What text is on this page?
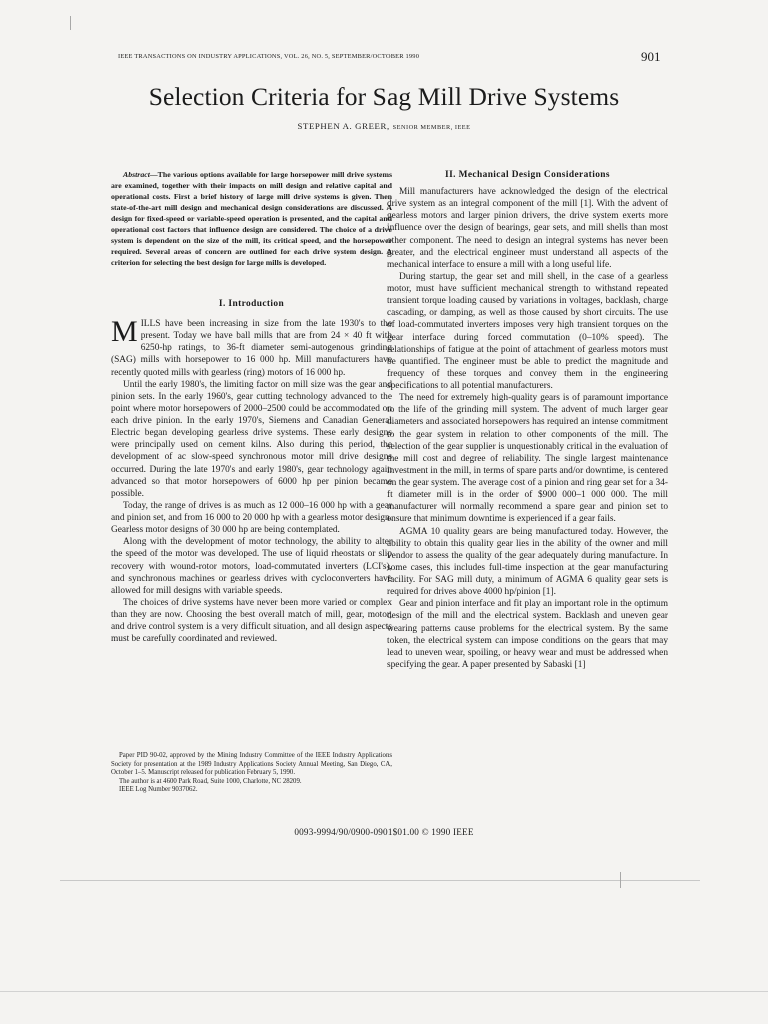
IEEE TRANSACTIONS ON INDUSTRY APPLICATIONS, VOL. 26, NO. 5, SEPTEMBER/OCTOBER 1990	901
Selection Criteria for Sag Mill Drive Systems
STEPHEN A. GREER, SENIOR MEMBER, IEEE

Abstract—The various options available for large horsepower mill drive systems are examined, together with their impacts on mill design and relative capital and operational costs. First a brief history of large mill drive systems is given. Then state-of-the-art mill design and mechanical design considerations are discussed. A design for fixed-speed or variable-speed operation is presented, and the capital and operational cost factors that influence design are considered. The choice of a drive system is dependent on the size of the mill, its critical speed, and the horsepower required. Several areas of concern are outlined for each drive system design. A criterion for selecting the best design for large mills is developed.

I. Introduction

MILLS have been increasing in size from the late 1930's to the present. Today we have ball mills that are from 24 × 40 ft with 6250-hp ratings, to 36-ft diameter semi-autogenous grinding (SAG) mills with horsepower to 16 000 hp. Mill manufacturers have recently quoted mills with gearless (ring) motors of 16 000 hp.

Until the early 1980's, the limiting factor on mill size was the gear and pinion sets. In the early 1960's, gear cutting technology advanced to the point where motor horsepowers of 2000–2500 could be accommodated on each drive pinion. In the early 1970's, Siemens and Canadian General Electric began developing gearless drive systems. These early designs were principally used on cement kilns. Also during this period, the development of ac slow-speed synchronous motor mill drive designs occurred. During the late 1970's and early 1980's, gear technology again advanced so that motor horsepowers of 6000 hp per pinion became possible.

Today, the range of drives is as much as 12 000–16 000 hp with a gear and pinion set, and from 16 000 to 20 000 hp with a gearless motor design. Gearless motor designs of 30 000 hp are being contemplated.

Along with the development of motor technology, the ability to alter the speed of the motor was developed. The use of liquid rheostats or slip recovery with wound-rotor motors, load-commutated inverters (LCI's), and synchronous machines or gearless drives with cycloconverters have allowed for mill designs with variable speeds.

The choices of drive systems have never been more varied or complex than they are now. Choosing the best overall match of mill, gear, motor, and drive control system is a very difficult situation, and all design aspects must be carefully coordinated and reviewed.

Paper PID 90-02, approved by the Mining Industry Committee of the IEEE Industry Applications Society for presentation at the 1989 Industry Applications Society Annual Meeting, San Diego, CA, October 1–5. Manuscript released for publication February 5, 1990.

The author is at 4600 Park Road, Suite 1000, Charlotte, NC 28209.

IEEE Log Number 9037062.

II. Mechanical Design Considerations

Mill manufacturers have acknowledged the design of the electrical drive system as an integral component of the mill [1]. With the advent of gearless motors and larger pinion drivers, the drive system exerts more influence over the design of bearings, gear sets, and mill shells than most other component. The need to design an integral systems has never been greater, and the electrical engineer must understand all aspects of the mechanical interface to ensure a mill with a long useful life.

During startup, the gear set and mill shell, in the case of a gearless motor, must have sufficient mechanical strength to withstand repeated transient torque loading caused by variations in voltages, backlash, charge cascading, or damping, as well as those caused by short circuits. The use of load-commutated inverters imposes very high transient torques on the gear interface during forced commutation (0–10% speed). The relationships of fatigue at the point of attachment of gearless motors must be quantified. The engineer must be able to predict the magnitude and frequency of these torques and convey them in the engineering specifications to all potential manufacturers.

The need for extremely high-quality gears is of paramount importance to the life of the grinding mill system. The advent of much larger gear diameters and associated horsepowers has required an intense commitment to the gear system in relation to other components of the mill. The selection of the gear supplier is unquestionably critical in the evaluation of the mill cost and degree of reliability. The single largest maintenance investment in the mill, in terms of spare parts and/or downtime, is centered on the gear system. The average cost of a pinion and ring gear set for a 34-ft diameter mill is in the order of $900 000–1 000 000. The mill manufacturer will normally recommend a spare gear and pinion set to ensure that minimum downtime is experienced if a gear fails.

AGMA 10 quality gears are being manufactured today. However, the ability to obtain this quality gear lies in the ability of the owner and mill vendor to assess the quality of the gear adequately during manufacture. In some cases, this includes full-time inspection at the gear manufacturing facility. For SAG mill duty, a minimum of AGMA 6 quality gear sets is required for drives above 4000 hp/pinion [1].

Gear and pinion interface and fit play an important role in the optimum design of the mill and the electrical system. Backlash and uneven gear wearing patterns cause problems for the electrical system. By the same token, the electrical system can impose conditions on the gears that may lead to uneven wear, spoiling, or heavy wear and must be addressed when specifying the gear. A paper presented by Sabaski [1]

0093-9994/90/0900-0901$01.00 © 1990 IEEE
